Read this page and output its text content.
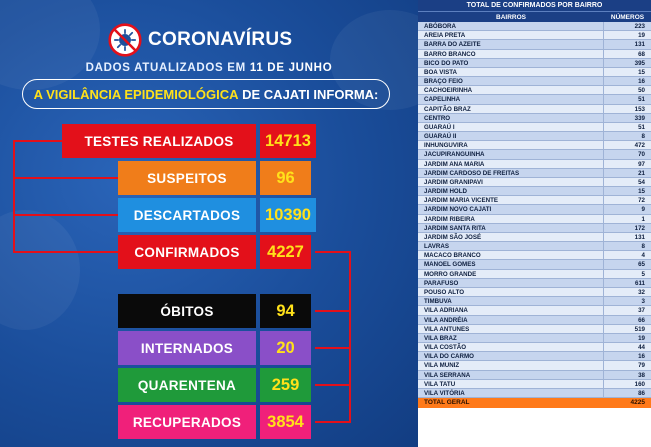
CORONAVÍRUS
DADOS ATUALIZADOS EM 11 DE JUNHO
A VIGILÂNCIA EPIDEMIOLÓGICA
DE CAJATI INFORMA:
TESTES REALIZADOS	14713
SUSPEITOS	96
DESCARTADOS	10390
CONFIRMADOS	4227
ÓBITOS	94
INTERNADOS	20
QUARENTENA	259
RECUPERADOS	3854
TOTAL DE CONFIRMADOS POR BAIRRO
BAIRROS	NÚMEROS
ABÓBORA	223
AREIA PRETA	19
BARRA DO AZEITE	131
BARRO BRANCO	68
BICO DO PATO	395
BOA VISTA	15
BRAÇO FEIO	16
CACHOEIRINHA	50
CAPELINHA	51
CAPITÃO BRAZ	153
CENTRO	339
GUARAÚ I	51
GUARAÚ II	8
INHUNGUVIRA	472
JACUPIRANGUINHA	70
JARDIM ANA MARIA	97
JARDIM CARDOSO DE FREITAS	21
JARDIM GRANIPAVI	54
JARDIM HOLD	15
JARDIM MARIA VICENTE	72
JARDIM NOVO CAJATI	9
JARDIM RIBEIRA	1
JARDIM SANTA RITA	172
JARDIM SÃO JOSÉ	131
LAVRAS	8
MACACO BRANCO	4
MANOEL GOMES	65
MORRO GRANDE	5
PARAFUSO	611
POUSO ALTO	32
TIMBUVA	3
VILA ADRIANA	37
VILA ANDRÉIA	66
VILA ANTUNES	519
VILA BRAZ	19
VILA COSTÃO	44
VILA DO CARMO	16
VILA MUNIZ	79
VILA SERRANA	38
VILA TATU	160
VILA VITÓRIA	86
TOTAL GERAL	4225
